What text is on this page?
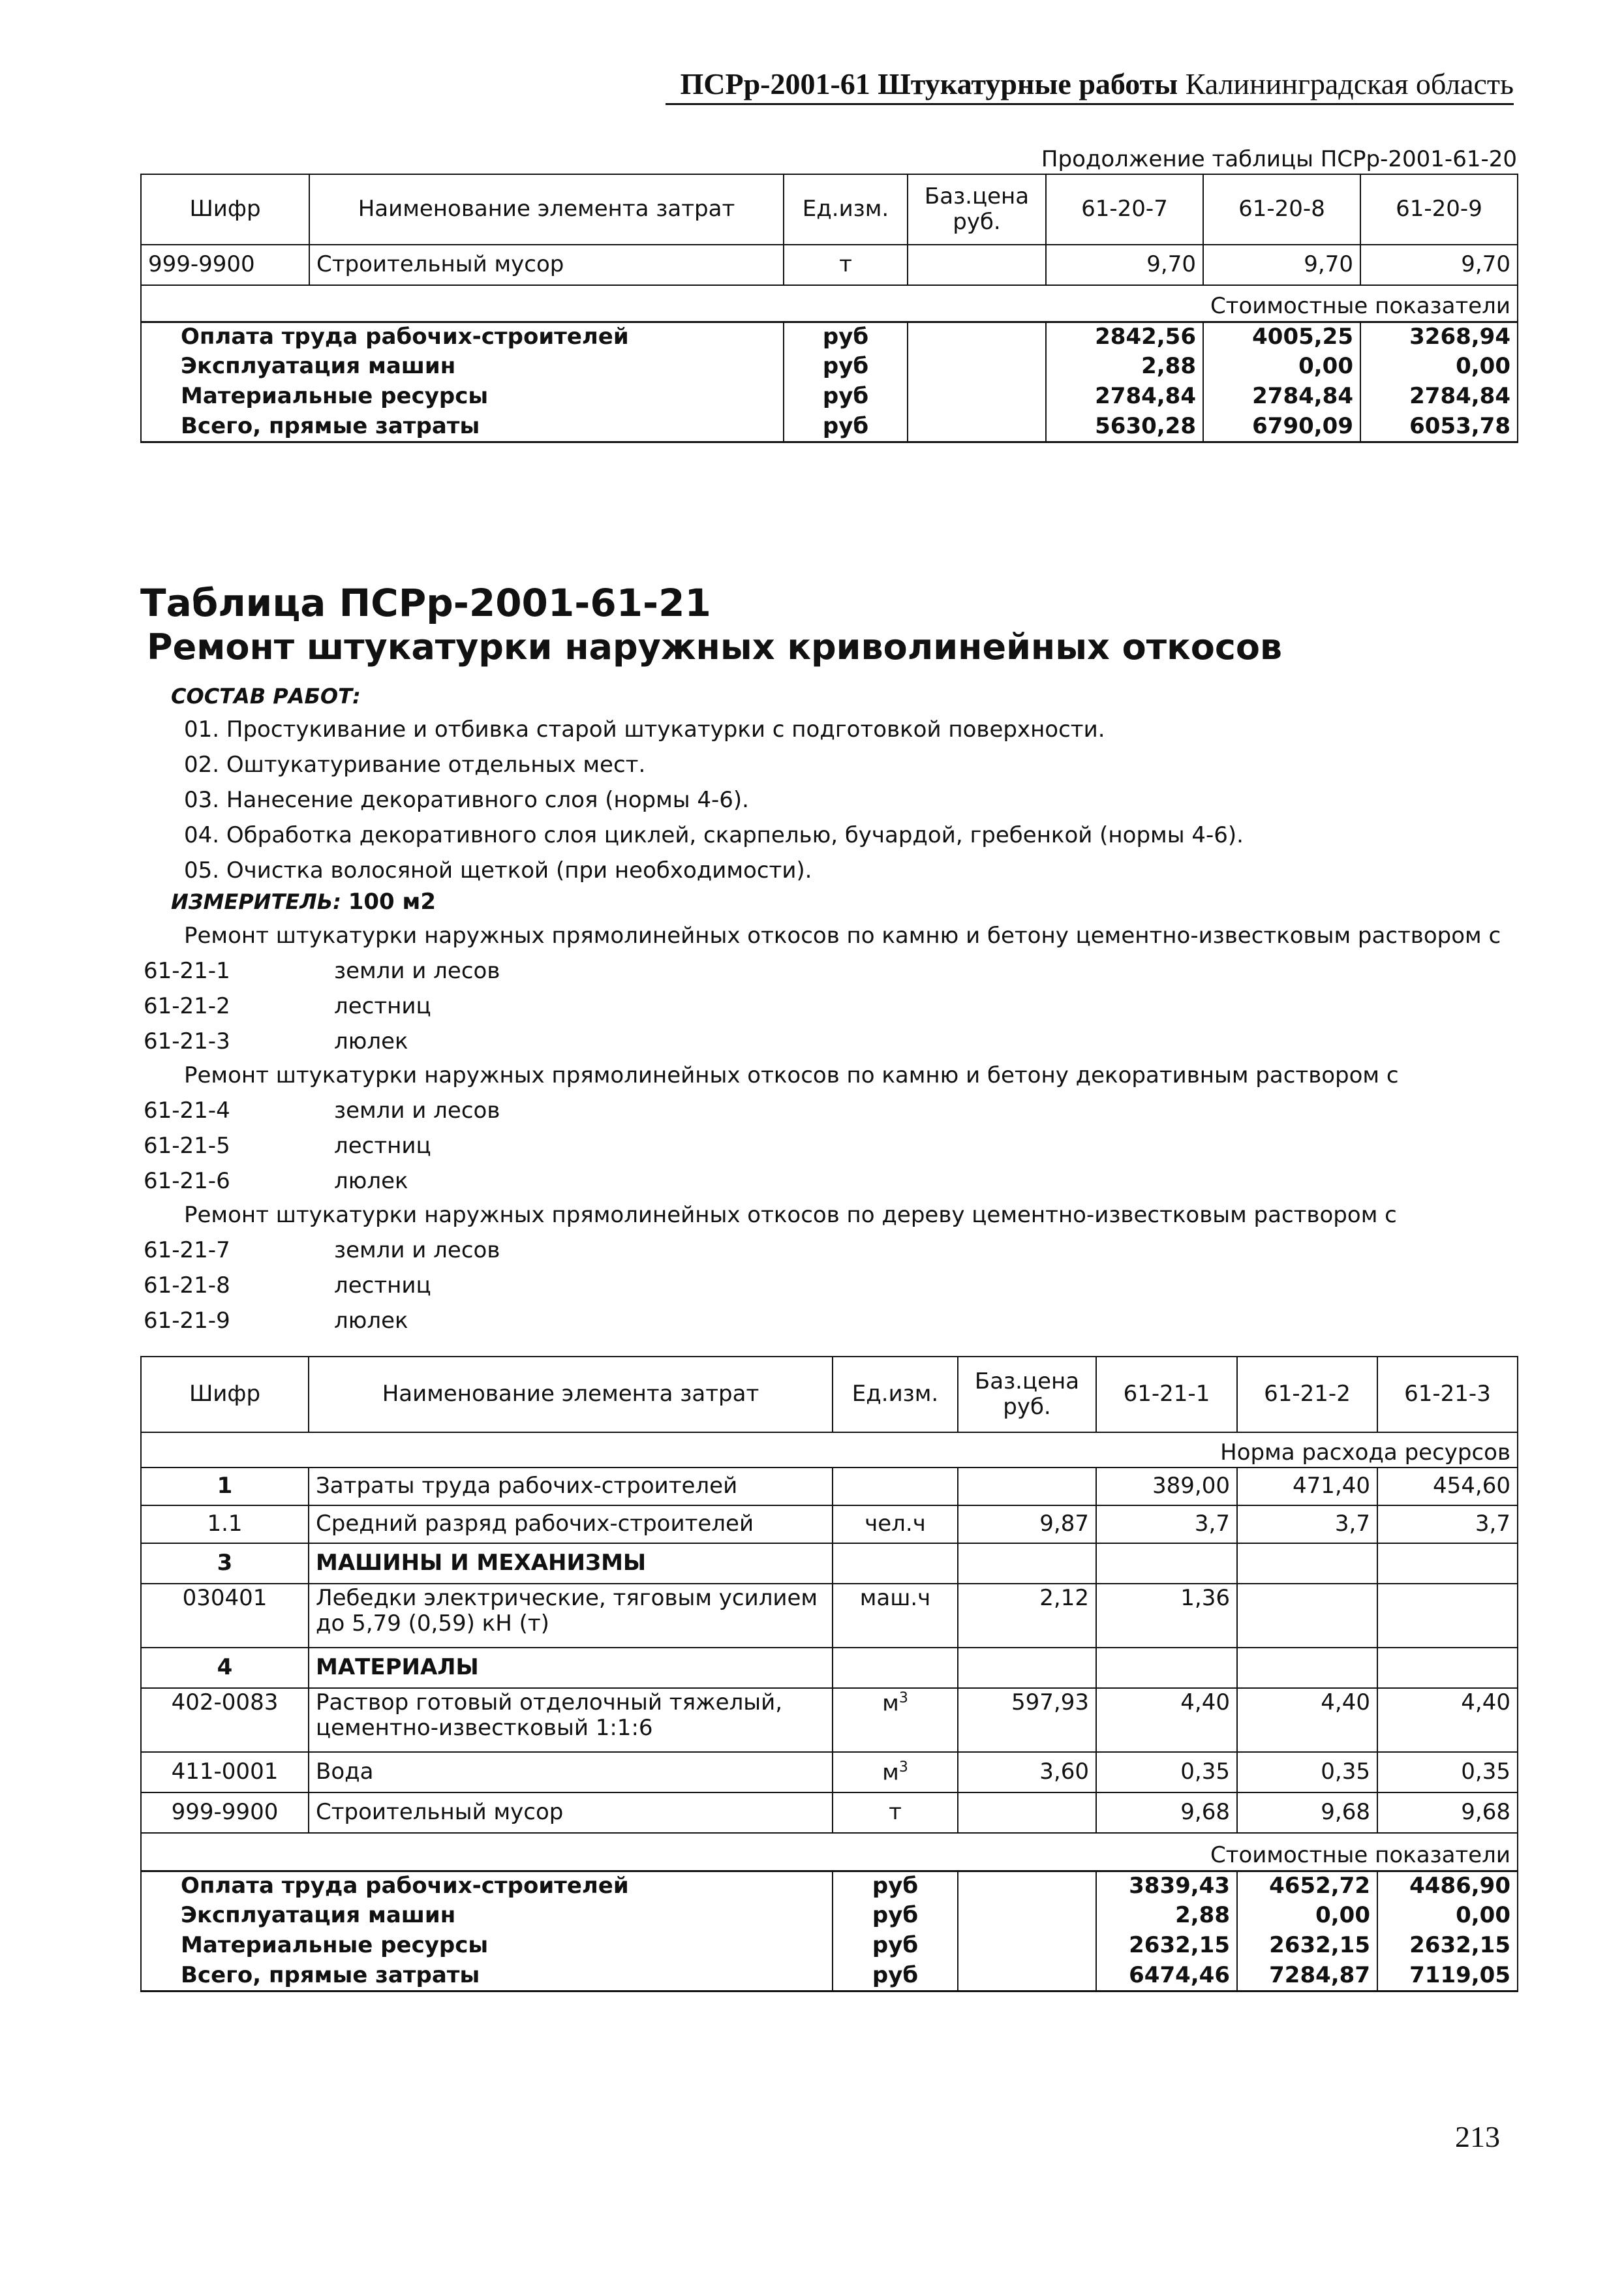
ПСРр-2001-61 Штукатурные работы Калининградская область
Продолжение таблицы ПСРр-2001-61-20
Шифр	Наименование элемента затрат	Ед.изм.	Баз.цена руб.	61-20-7	61-20-8	61-20-9
999-9900	Строительный мусор	т		9,70	9,70	9,70
Стоимостные показатели						
Оплата труда рабочих-строителей		руб		2842,56	4005,25	3268,94
Эксплуатация машин		руб		2,88	0,00	0,00
Материальные ресурсы		руб		2784,84	2784,84	2784,84
Всего, прямые затраты		руб		5630,28	6790,09	6053,78
Таблица ПСРр-2001-61-21
Ремонт штукатурки наружных криволинейных откосов
СОСТАВ РАБОТ:
01. Простукивание и отбивка старой штукатурки с подготовкой поверхности.
02. Оштукатуривание отдельных мест.
03. Нанесение декоративного слоя (нормы 4-6).
04. Обработка декоративного слоя циклей, скарпелью, бучардой, гребенкой (нормы 4-6).
05. Очистка волосяной щеткой (при необходимости).
ИЗМЕРИТЕЛЬ: 100 м2
Ремонт штукатурки наружных прямолинейных откосов по камню и бетону цементно-известковым раствором с
61-21-1	земли и лесов
61-21-2	лестниц
61-21-3	люлек
Ремонт штукатурки наружных прямолинейных откосов по камню и бетону декоративным раствором с
61-21-4	земли и лесов
61-21-5	лестниц
61-21-6	люлек
Ремонт штукатурки наружных прямолинейных откосов по дереву цементно-известковым раствором с
61-21-7	земли и лесов
61-21-8	лестниц
61-21-9	люлек
Шифр	Наименование элемента затрат	Ед.изм.	Баз.цена руб.	61-21-1	61-21-2	61-21-3
Норма расхода ресурсов						
1	Затраты труда рабочих-строителей			389,00	471,40	454,60
1.1	Средний разряд рабочих-строителей	чел.ч	9,87	3,7	3,7	3,7
3	МАШИНЫ И МЕХАНИЗМЫ					
030401	Лебедки электрические, тяговым усилием до 5,79 (0,59) кН (т)	маш.ч	2,12	1,36		
4	МАТЕРИАЛЫ					
402-0083	Раствор готовый отделочный тяжелый, цементно-известковый 1:1:6	$м^3$	597,93	4,40	4,40	4,40
411-0001	Вода	$м^3$	3,60	0,35	0,35	0,35
999-9900	Строительный мусор	т		9,68	9,68	9,68
Стоимостные показатели						
Оплата труда рабочих-строителей		руб		3839,43	4652,72	4486,90
Эксплуатация машин		руб		2,88	0,00	0,00
Материальные ресурсы		руб		2632,15	2632,15	2632,15
Всего, прямые затраты		руб		6474,46	7284,87	7119,05
213
